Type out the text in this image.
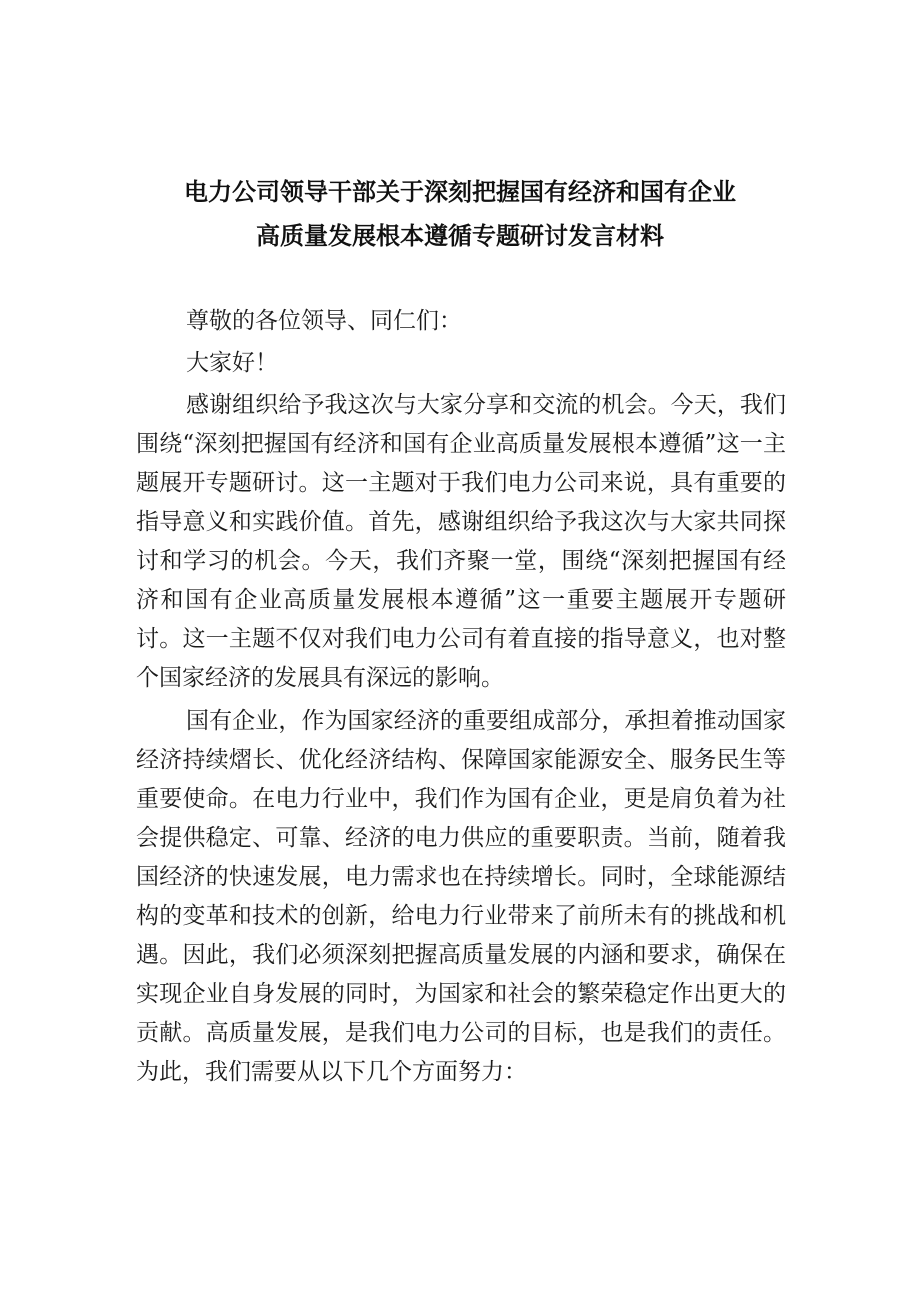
电力公司领导干部关于深刻把握国有经济和国有企业
高质量发展根本遵循专题研讨发言材料
尊敬的各位领导、同仁们：
大家好！

感谢组织给予我这次与大家分享和交流的机会。今天，我们围绕“深刻把握国有经济和国有企业高质量发展根本遵循”这一主题展开专题研讨。这一主题对于我们电力公司来说，具有重要的指导意义和实践价值。首先，感谢组织给予我这次与大家共同探讨和学习的机会。今天，我们齐聚一堂，围绕“深刻把握国有经济和国有企业高质量发展根本遵循”这一重要主题展开专题研讨。这一主题不仅对我们电力公司有着直接的指导意义，也对整个国家经济的发展具有深远的影响。

国有企业，作为国家经济的重要组成部分，承担着推动国家经济持续熠长、优化经济结构、保障国家能源安全、服务民生等重要使命。在电力行业中，我们作为国有企业，更是肩负着为社会提供稳定、可靠、经济的电力供应的重要职责。当前，随着我国经济的快速发展，电力需求也在持续增长。同时，全球能源结构的变革和技术的创新，给电力行业带来了前所未有的挑战和机遇。因此，我们必须深刻把握高质量发展的内涵和要求，确保在实现企业自身发展的同时，为国家和社会的繁荣稳定作出更大的贡献。高质量发展，是我们电力公司的目标，也是我们的责任。为此，我们需要从以下几个方面努力：
